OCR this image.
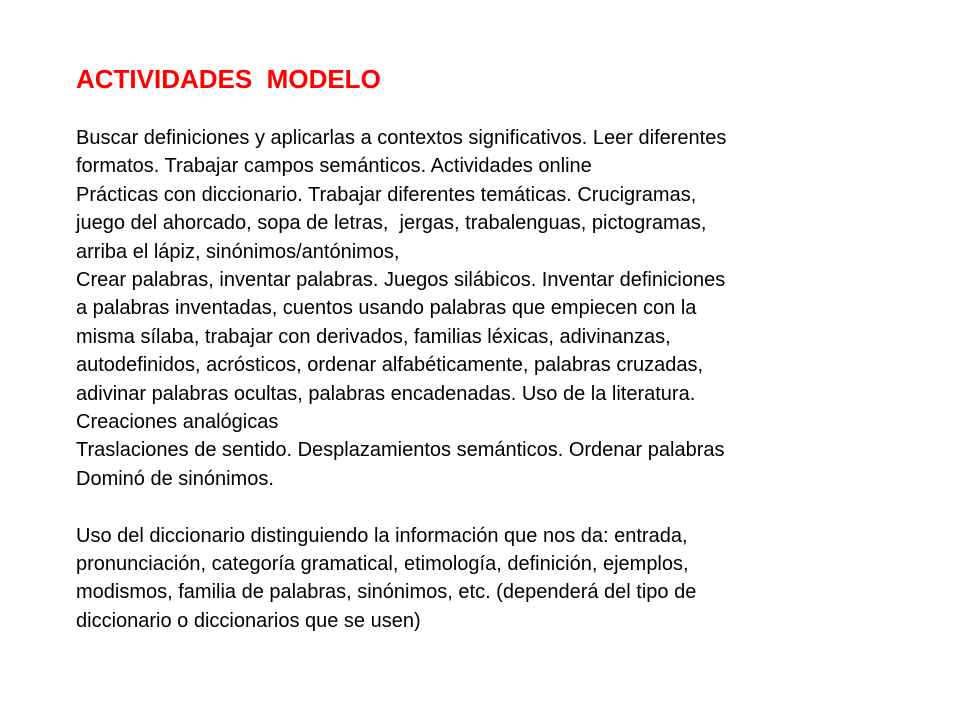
ACTIVIDADES  MODELO
Buscar definiciones y aplicarlas a contextos significativos. Leer diferentes
formatos. Trabajar campos semánticos. Actividades online
Prácticas con diccionario. Trabajar diferentes temáticas. Crucigramas,
juego del ahorcado, sopa de letras,  jergas, trabalenguas, pictogramas,
arriba el lápiz, sinónimos/antónimos,
Crear palabras, inventar palabras. Juegos silábicos. Inventar definiciones
a palabras inventadas, cuentos usando palabras que empiecen con la
misma sílaba, trabajar con derivados, familias léxicas, adivinanzas,
autodefinidos, acrósticos, ordenar alfabéticamente, palabras cruzadas,
adivinar palabras ocultas, palabras encadenadas. Uso de la literatura.
Creaciones analógicas
Traslaciones de sentido. Desplazamientos semánticos. Ordenar palabras
Dominó de sinónimos.
Uso del diccionario distinguiendo la información que nos da: entrada,
pronunciación, categoría gramatical, etimología, definición, ejemplos,
modismos, familia de palabras, sinónimos, etc. (dependerá del tipo de
diccionario o diccionarios que se usen)
